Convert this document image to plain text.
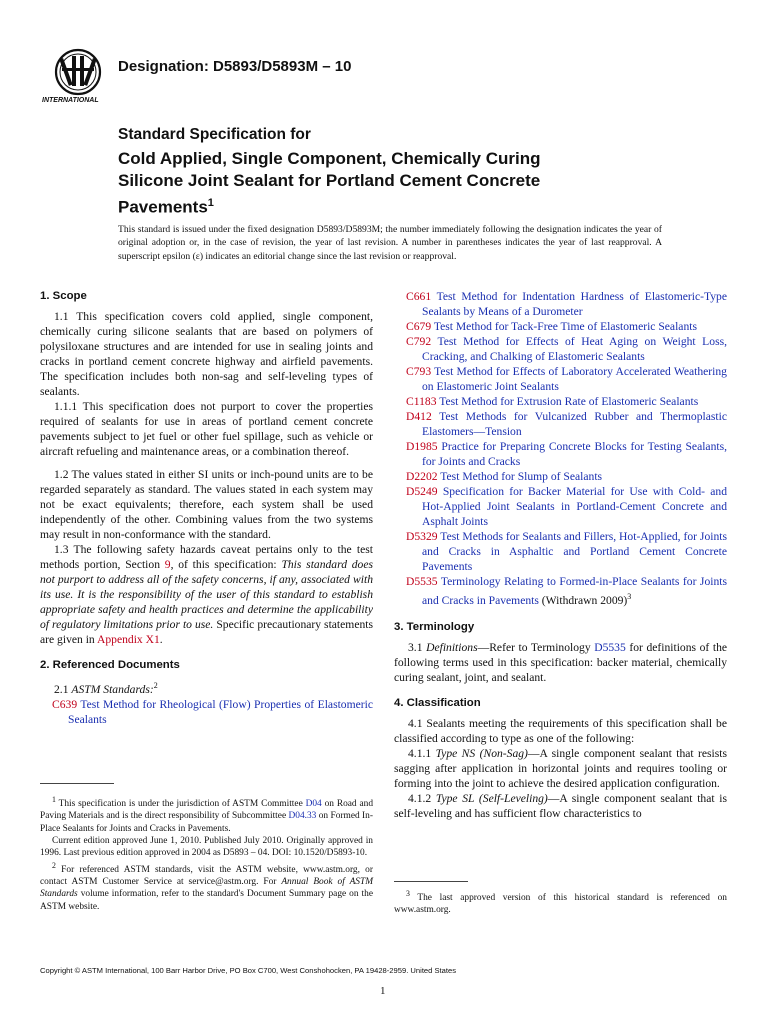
INTERNATIONAL
Designation: D5893/D5893M – 10
Standard Specification for
Cold Applied, Single Component, Chemically Curing
Silicone Joint Sealant for Portland Cement Concrete
Pavements$^1$
This standard is issued under the fixed designation D5893/D5893M; the number immediately following the designation indicates the year of original adoption or, in the case of revision, the year of last revision. A number in parentheses indicates the year of last reapproval. A superscript epsilon (ε) indicates an editorial change since the last revision or reapproval.

1. Scope

1.1 This specification covers cold applied, single component, chemically curing silicone sealants that are based on polymers of polysiloxane structures and are intended for use in sealing joints and cracks in portland cement concrete highway and airfield pavements. The specification includes both non-sag and self-leveling types of sealants.

1.1.1 This specification does not purport to cover the properties required of sealants for use in areas of portland cement concrete pavements subject to jet fuel or other fuel spillage, such as vehicle or aircraft refueling and maintenance areas, or a combination thereof.

1.2 The values stated in either SI units or inch-pound units are to be regarded separately as standard. The values stated in each system may not be exact equivalents; therefore, each system shall be used independently of the other. Combining values from the two systems may result in non-conformance with the standard.

1.3 The following safety hazards caveat pertains only to the test methods portion, Section 9, of this specification: This standard does not purport to address all of the safety concerns, if any, associated with its use. It is the responsibility of the user of this standard to establish appropriate safety and health practices and determine the applicability of regulatory limitations prior to use. Specific precautionary statements are given in Appendix X1.

2. Referenced Documents

2.1 ASTM Standards:$^2$

C639 Test Method for Rheological (Flow) Properties of Elastomeric Sealants

$^1$ This specification is under the jurisdiction of ASTM Committee D04 on Road and Paving Materials and is the direct responsibility of Subcommittee D04.33 on Formed In-Place Sealants for Joints and Cracks in Pavements.

Current edition approved June 1, 2010. Published July 2010. Originally approved in 1996. Last previous edition approved in 2004 as D5893 – 04. DOI: 10.1520/D5893-10.

$^2$ For referenced ASTM standards, visit the ASTM website, www.astm.org, or contact ASTM Customer Service at service@astm.org. For Annual Book of ASTM Standards volume information, refer to the standard's Document Summary page on the ASTM website.

C661 Test Method for Indentation Hardness of Elastomeric-Type Sealants by Means of a Durometer

C679 Test Method for Tack-Free Time of Elastomeric Sealants

C792 Test Method for Effects of Heat Aging on Weight Loss, Cracking, and Chalking of Elastomeric Sealants

C793 Test Method for Effects of Laboratory Accelerated Weathering on Elastomeric Joint Sealants

C1183 Test Method for Extrusion Rate of Elastomeric Sealants

D412 Test Methods for Vulcanized Rubber and Thermoplastic Elastomers—Tension

D1985 Practice for Preparing Concrete Blocks for Testing Sealants, for Joints and Cracks

D2202 Test Method for Slump of Sealants

D5249 Specification for Backer Material for Use with Cold- and Hot-Applied Joint Sealants in Portland-Cement Concrete and Asphalt Joints

D5329 Test Methods for Sealants and Fillers, Hot-Applied, for Joints and Cracks in Asphaltic and Portland Cement Concrete Pavements

D5535 Terminology Relating to Formed-in-Place Sealants for Joints and Cracks in Pavements (Withdrawn 2009)$^3$

3. Terminology

3.1 Definitions—Refer to Terminology D5535 for definitions of the following terms used in this specification: backer material, chemically curing sealant, joint, and sealant.

4. Classification

4.1 Sealants meeting the requirements of this specification shall be classified according to type as one of the following:

4.1.1 Type NS (Non-Sag)—A single component sealant that resists sagging after application in horizontal joints and requires tooling or forming into the joint to achieve the desired application configuration.

4.1.2 Type SL (Self-Leveling)—A single component sealant that is self-leveling and has sufficient flow characteristics to

$^3$ The last approved version of this historical standard is referenced on www.astm.org.

Copyright © ASTM International, 100 Barr Harbor Drive, PO Box C700, West Conshohocken, PA 19428-2959. United States
1
